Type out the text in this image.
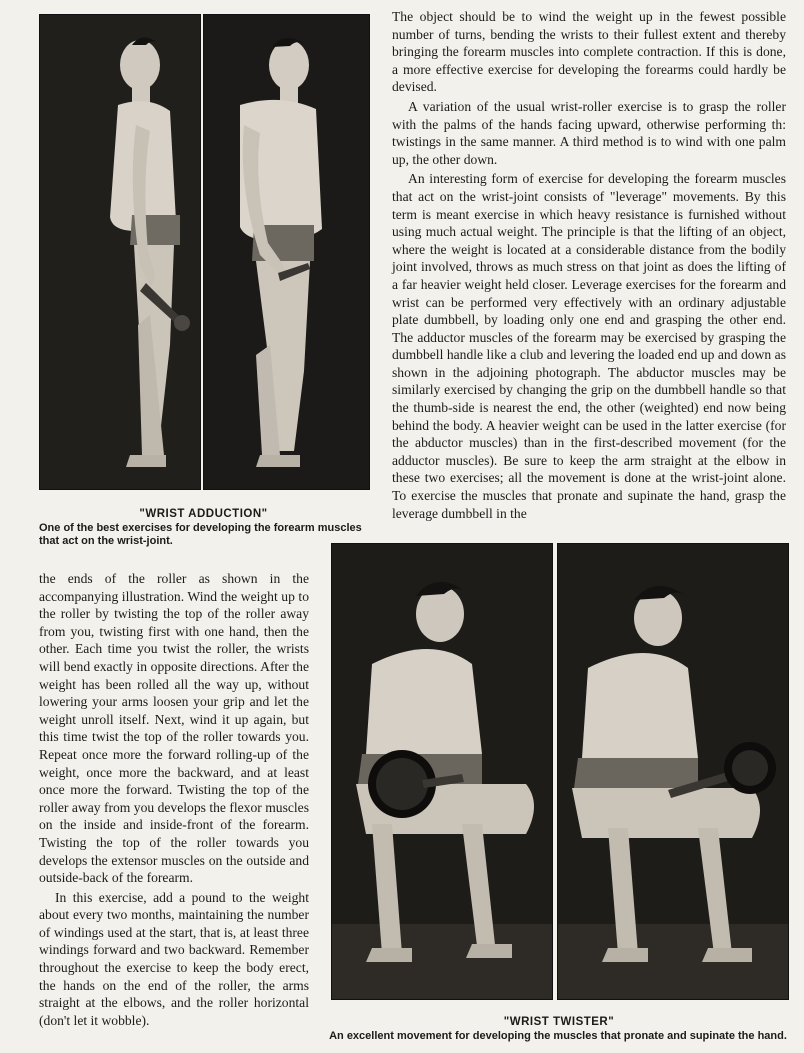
The object should be to wind the weight up in the fewest possible number of turns, bending the wrists to their fullest extent and thereby bringing the forearm muscles into complete contraction. If this is done, a more effective exercise for developing the forearms could hardly be devised.

A variation of the usual wrist-roller exercise is to grasp the roller with the palms of the hands facing upward, otherwise performing th: twistings in the same manner. A third method is to wind with one palm up, the other down.

An interesting form of exercise for developing the forearm muscles that act on the wrist-joint consists of "leverage" movements. By this term is meant exercise in which heavy resistance is furnished without using much actual weight. The principle is that the lifting of an object, where the weight is located at a considerable distance from the bodily joint involved, throws as much stress on that joint as does the lifting of a far heavier weight held closer. Leverage exercises for the forearm and wrist can be performed very effectively with an ordinary adjustable plate dumbbell, by loading only one end and grasping the other end. The adductor muscles of the forearm may be exercised by grasping the dumbbell handle like a club and levering the loaded end up and down as shown in the adjoining photograph. The abductor muscles may be similarly exercised by changing the grip on the dumbbell handle so that the thumb-side is nearest the end, the other (weighted) end now being behind the body. A heavier weight can be used in the latter exercise (for the abductor muscles) than in the first-described movement (for the adductor muscles). Be sure to keep the arm straight at the elbow in these two exercises; all the movement is done at the wrist-joint alone. To exercise the muscles that pronate and supinate the hand, grasp the leverage dumbbell in the

"WRIST ADDUCTION"
One of the best exercises for developing the forearm muscles that act on the wrist-joint.

the ends of the roller as shown in the accompanying illustration. Wind the weight up to the roller by twisting the top of the roller away from you, twisting first with one hand, then the other. Each time you twist the roller, the wrists will bend exactly in opposite directions. After the weight has been rolled all the way up, without lowering your arms loosen your grip and let the weight unroll itself. Next, wind it up again, but this time twist the top of the roller towards you. Repeat once more the forward rolling-up of the weight, once more the backward, and at least once more the forward. Twisting the top of the roller away from you develops the flexor muscles on the inside and inside-front of the forearm. Twisting the top of the roller towards you develops the extensor muscles on the outside and outside-back of the forearm.

In this exercise, add a pound to the weight about every two months, maintaining the number of windings used at the start, that is, at least three windings forward and two backward. Remember throughout the exercise to keep the body erect, the hands on the end of the roller, the arms straight at the elbows, and the roller horizontal (don't let it wobble).	"WRIST TWISTER"
An excellent movement for developing the muscles that pronate and supinate the hand.
